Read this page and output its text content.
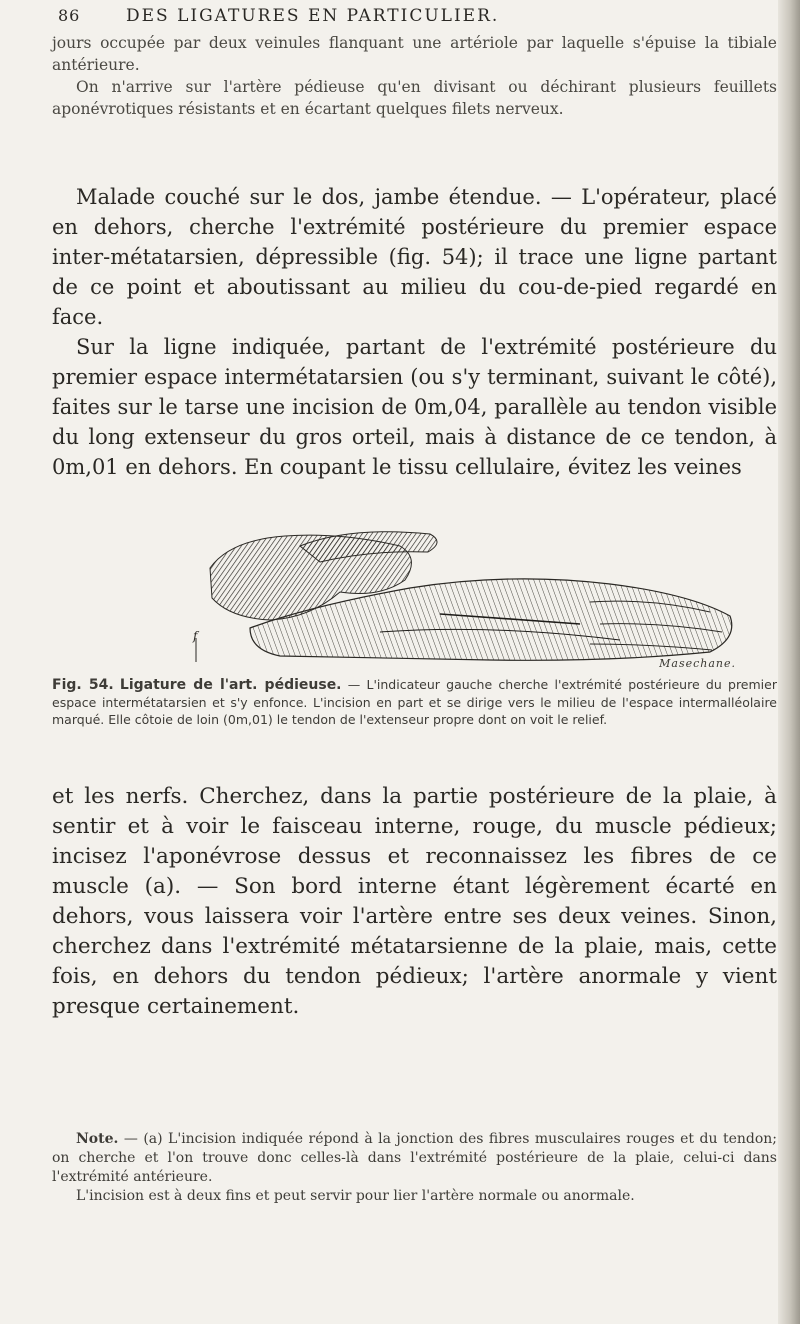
86	DES LIGATURES EN PARTICULIER.

jours occupée par deux veinules flanquant une artériole par laquelle s'épuise la tibiale antérieure.

On n'arrive sur l'artère pédieuse qu'en divisant ou déchirant plusieurs feuillets aponévrotiques résistants et en écartant quelques filets nerveux.

Malade couché sur le dos, jambe étendue. — L'opérateur, placé en dehors, cherche l'extrémité postérieure du premier espace inter-métatarsien, dépressible (fig. 54); il trace une ligne partant de ce point et aboutissant au milieu du cou-de-pied regardé en face.

Sur la ligne indiquée, partant de l'extrémité postérieure du premier espace intermétatarsien (ou s'y terminant, suivant le côté), faites sur le tarse une incision de 0m,04, parallèle au tendon visible du long extenseur du gros orteil, mais à distance de ce tendon, à 0m,01 en dehors. En coupant le tissu cellulaire, évitez les veines

f
Masechane.
Fig. 54. Ligature de l'art. pédieuse. — L'indicateur gauche cherche l'extrémité postérieure du premier espace intermétatarsien et s'y enfonce. L'incision en part et se dirige vers le milieu de l'espace intermalléolaire marqué. Elle côtoie de loin (0m,01) le tendon de l'extenseur propre dont on voit le relief.

et les nerfs. Cherchez, dans la partie postérieure de la plaie, à sentir et à voir le faisceau interne, rouge, du muscle pédieux; incisez l'aponévrose dessus et reconnaissez les fibres de ce muscle (a). — Son bord interne étant légèrement écarté en dehors, vous laissera voir l'artère entre ses deux veines. Sinon, cherchez dans l'extrémité métatarsienne de la plaie, mais, cette fois, en dehors du tendon pédieux; l'artère anormale y vient presque certainement.

Note. — (a) L'incision indiquée répond à la jonction des fibres musculaires rouges et du tendon; on cherche et l'on trouve donc celles-là dans l'extrémité postérieure de la plaie, celui-ci dans l'extrémité antérieure.

L'incision est à deux fins et peut servir pour lier l'artère normale ou anormale.
